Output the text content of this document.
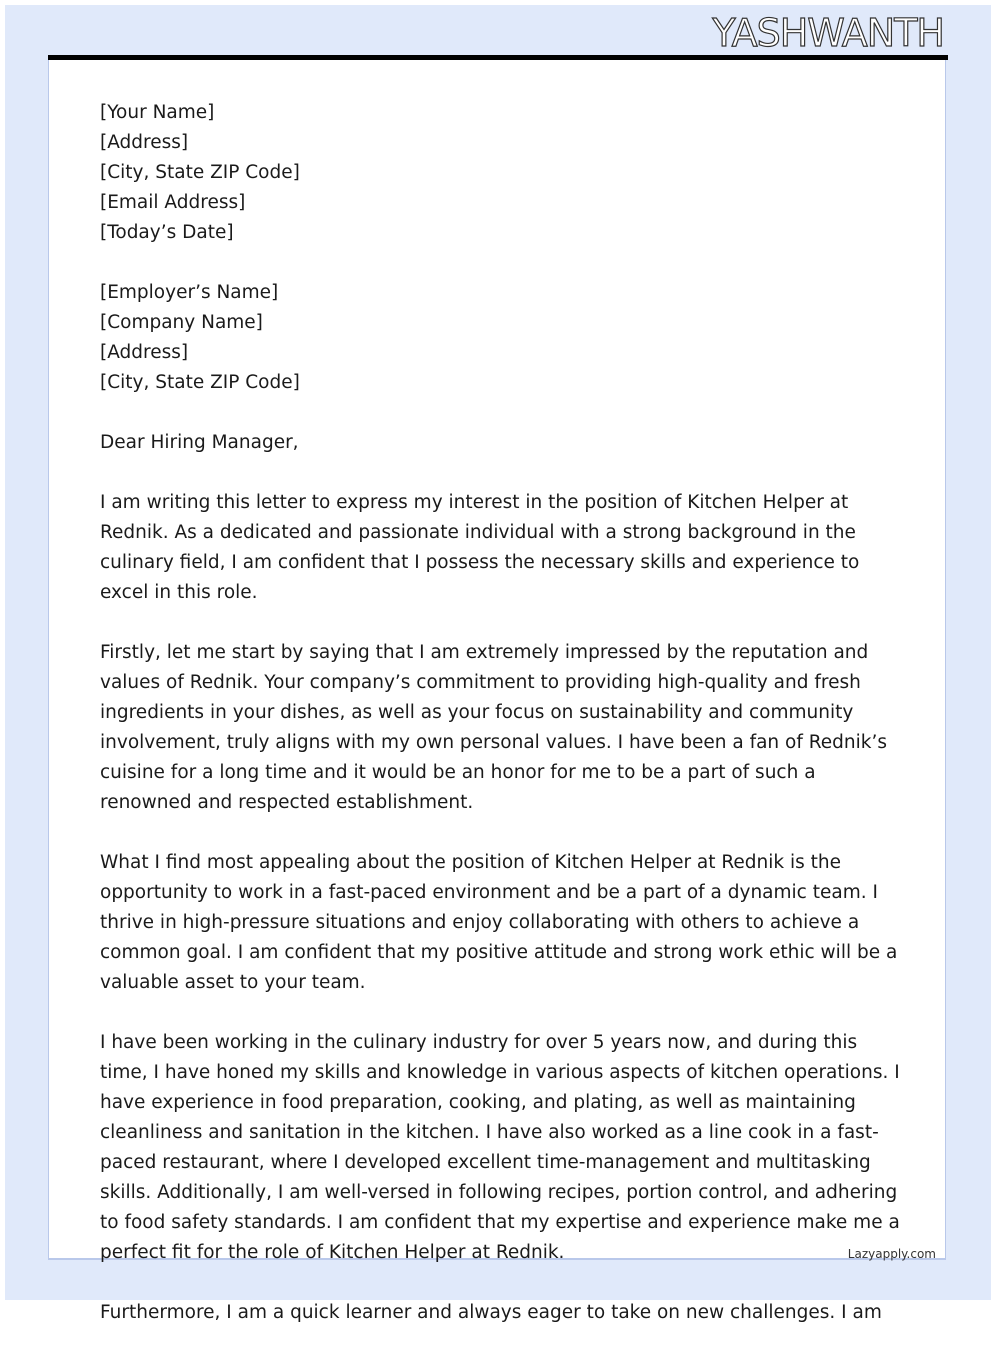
YASHWANTH
Lazyapply.com
[Your Name]
[Address]
[City, State ZIP Code]
[Email Address]
[Today’s Date]
[Employer’s Name]
[Company Name]
[Address]
[City, State ZIP Code]

Dear Hiring Manager,

I am writing this letter to express my interest in the position of Kitchen Helper at Rednik. As a dedicated and passionate individual with a strong background in the culinary field, I am confident that I possess the necessary skills and experience to excel in this role.

Firstly, let me start by saying that I am extremely impressed by the reputation and values of Rednik. Your company’s commitment to providing high-quality and fresh ingredients in your dishes, as well as your focus on sustainability and community involvement, truly aligns with my own personal values. I have been a fan of Rednik’s cuisine for a long time and it would be an honor for me to be a part of such a renowned and respected establishment.

What I find most appealing about the position of Kitchen Helper at Rednik is the opportunity to work in a fast-paced environment and be a part of a dynamic team. I thrive in high-pressure situations and enjoy collaborating with others to achieve a common goal. I am confident that my positive attitude and strong work ethic will be a valuable asset to your team.

I have been working in the culinary industry for over 5 years now, and during this time, I have honed my skills and knowledge in various aspects of kitchen operations. I have experience in food preparation, cooking, and plating, as well as maintaining cleanliness and sanitation in the kitchen. I have also worked as a line cook in a fast-paced restaurant, where I developed excellent time-management and multitasking skills. Additionally, I am well-versed in following recipes, portion control, and adhering to food safety standards. I am confident that my expertise and experience make me a perfect fit for the role of Kitchen Helper at Rednik.

Furthermore, I am a quick learner and always eager to take on new challenges. I am
